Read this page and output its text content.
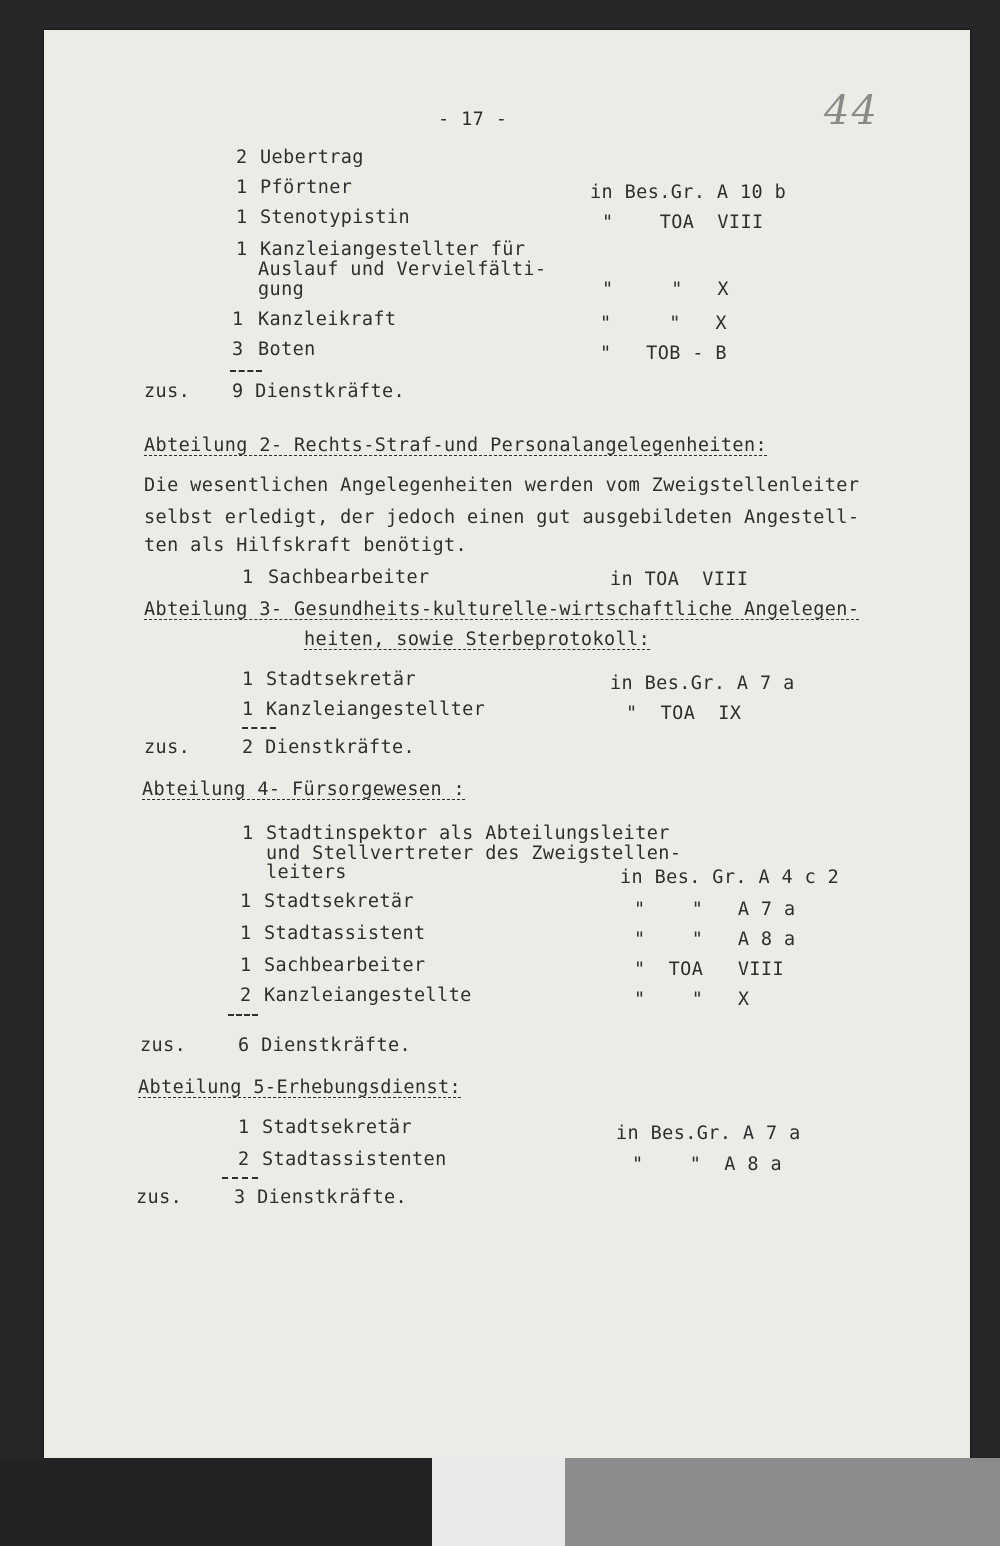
- 17 -	44
2 Uebertrag
1 Pförtner	in Bes.Gr. A 10 b
1 Stenotypistin	"    TOA  VIII
1 Kanzleiangestellter für
Auslauf und Vervielfälti-
gung	"     "   X
1 Kanzleikraft	"     "   X
3 Boten	"   TOB - B
zus. 9 Dienstkräfte.
Abteilung 2- Rechts-Straf-und Personalangelegenheiten:
Die wesentlichen Angelegenheiten werden vom Zweigstellenleiter
selbst erledigt, der jedoch einen gut ausgebildeten Angestell-
ten als Hilfskraft benötigt.
1 Sachbearbeiter	in TOA  VIII
Abteilung 3- Gesundheits-kulturelle-wirtschaftliche Angelegen-
heiten, sowie Sterbeprotokoll:
1 Stadtsekretär	in Bes.Gr. A 7 a
1 Kanzleiangestellter	"  TOA  IX
zus.	2 Dienstkräfte.
Abteilung 4- Fürsorgewesen :
1 Stadtinspektor als Abteilungsleiter
und Stellvertreter des Zweigstellen-
leiters	in Bes. Gr. A 4 c 2
1 Stadtsekretär	"    "   A 7 a
1 Stadtassistent	"    "   A 8 a
1 Sachbearbeiter	"  TOA   VIII
2 Kanzleiangestellte	"    "   X
zus.	6 Dienstkräfte.
Abteilung 5-Erhebungsdienst:
1 Stadtsekretär	in Bes.Gr. A 7 a
2 Stadtassistenten	"    "  A 8 a
zus.	3 Dienstkräfte.
